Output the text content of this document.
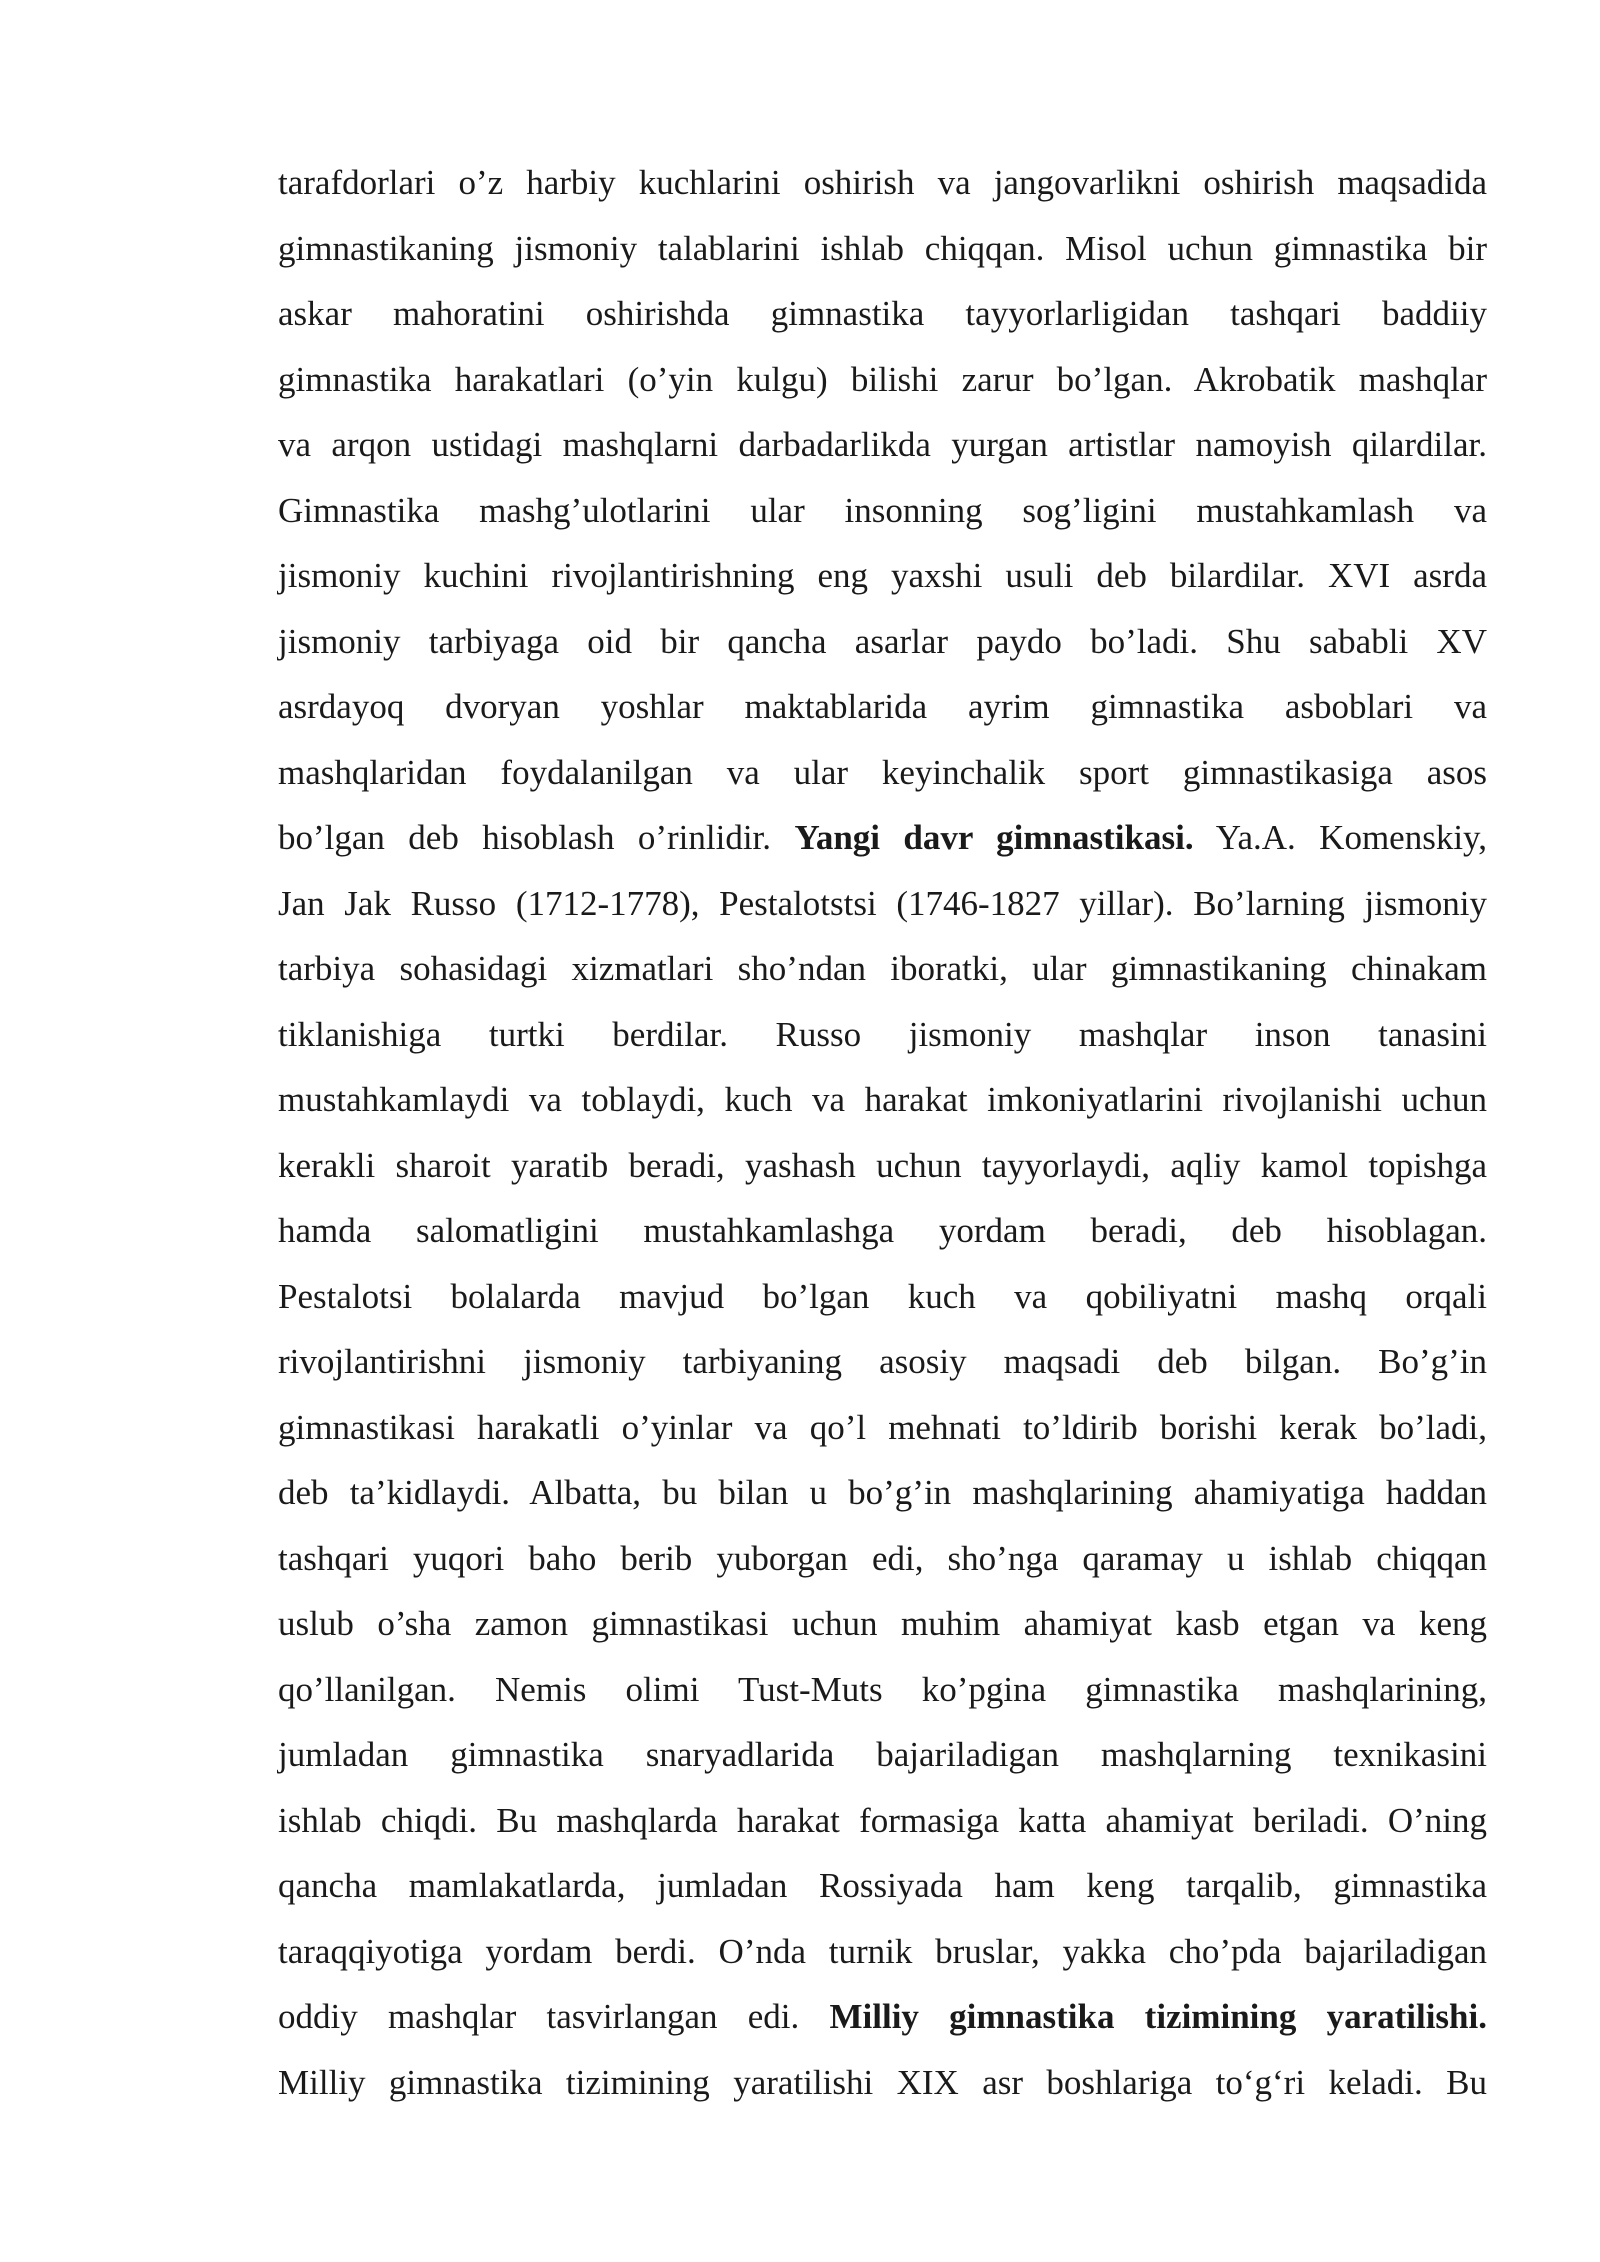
tarafdorlari o’z harbiy kuchlarini oshirish va jangovarlikni oshirish maqsadida
gimnastikaning jismoniy talablarini ishlab chiqqan. Misol uchun gimnastika bir
askar mahoratini oshirishda gimnastika tayyorlarligidan tashqari baddiiy
gimnastika harakatlari (o’yin kulgu) bilishi zarur bo’lgan. Akrobatik mashqlar
va arqon ustidagi mashqlarni darbadarlikda yurgan artistlar namoyish qilardilar.
Gimnastika mashg’ulotlarini ular insonning sog’ligini mustahkamlash va
jismoniy kuchini rivojlantirishning eng yaxshi usuli deb bilardilar. XVI asrda
jismoniy tarbiyaga oid bir qancha asarlar paydo bo’ladi. Shu sababli XV
asrdayoq dvoryan yoshlar maktablarida ayrim gimnastika asboblari va
mashqlaridan foydalanilgan va ular keyinchalik sport gimnastikasiga asos
bo’lgan deb hisoblash o’rinlidir. Yangi davr gimnastikasi. Ya.A. Komenskiy,
Jan Jak Russo (1712-1778), Pestalotstsi (1746-1827 yillar). Bo’larning jismoniy
tarbiya sohasidagi xizmatlari sho’ndan iboratki, ular gimnastikaning chinakam
tiklanishiga turtki berdilar. Russo jismoniy mashqlar inson tanasini
mustahkamlaydi va toblaydi, kuch va harakat imkoniyatlarini rivojlanishi uchun
kerakli sharoit yaratib beradi, yashash uchun tayyorlaydi, aqliy kamol topishga
hamda salomatligini mustahkamlashga yordam beradi, deb hisoblagan.
Pestalotsi bolalarda mavjud bo’lgan kuch va qobiliyatni mashq orqali
rivojlantirishni jismoniy tarbiyaning asosiy maqsadi deb bilgan. Bo’g’in
gimnastikasi harakatli o’yinlar va qo’l mehnati to’ldirib borishi kerak bo’ladi,
deb ta’kidlaydi. Albatta, bu bilan u bo’g’in mashqlarining ahamiyatiga haddan
tashqari yuqori baho berib yuborgan edi, sho’nga qaramay u ishlab chiqqan
uslub o’sha zamon gimnastikasi uchun muhim ahamiyat kasb etgan va keng
qo’llanilgan. Nemis olimi Tust-Muts ko’pgina gimnastika mashqlarining,
jumladan gimnastika snaryadlarida bajariladigan mashqlarning texnikasini
ishlab chiqdi. Bu mashqlarda harakat formasiga katta ahamiyat beriladi. O’ning
qancha mamlakatlarda, jumladan Rossiyada ham keng tarqalib, gimnastika
taraqqiyotiga yordam berdi. O’nda turnik bruslar, yakka cho’pda bajariladigan
oddiy mashqlar tasvirlangan edi. Milliy gimnastika tizimining yaratilishi.
Milliy gimnastika tizimining yaratilishi XIX asr boshlariga to‘g‘ri keladi. Bu
